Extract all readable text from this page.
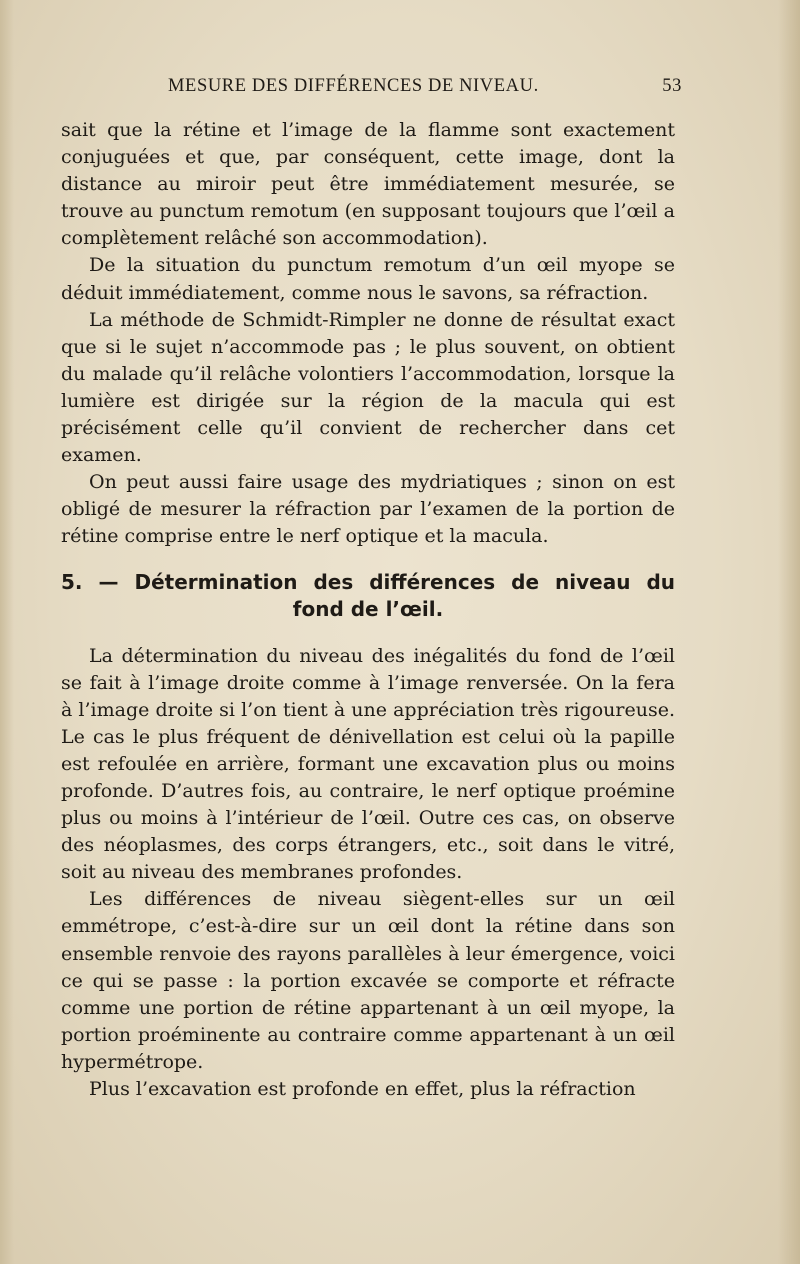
MESURE DES DIFFÉRENCES DE NIVEAU.	53

sait que la rétine et l’image de la flamme sont exactement conjuguées et que, par conséquent, cette image, dont la distance au miroir peut être immédiatement mesurée, se trouve au punctum remotum (en supposant toujours que l’œil a complètement relâché son accommodation).

De la situation du punctum remotum d’un œil myope se déduit immédiatement, comme nous le savons, sa réfraction.

La méthode de Schmidt-Rimpler ne donne de résultat exact que si le sujet n’accommode pas ; le plus souvent, on obtient du malade qu’il relâche volontiers l’accommodation, lorsque la lumière est dirigée sur la région de la macula qui est précisément celle qu’il convient de rechercher dans cet examen.

On peut aussi faire usage des mydriatiques ; sinon on est obligé de mesurer la réfraction par l’examen de la portion de rétine comprise entre le nerf optique et la macula.

5. — Détermination des différences de niveau du
fond de l’œil.

La détermination du niveau des inégalités du fond de l’œil se fait à l’image droite comme à l’image renversée. On la fera à l’image droite si l’on tient à une appréciation très rigoureuse. Le cas le plus fréquent de dénivellation est celui où la papille est refoulée en arrière, formant une excavation plus ou moins profonde. D’autres fois, au contraire, le nerf optique proémine plus ou moins à l’intérieur de l’œil. Outre ces cas, on observe des néoplasmes, des corps étrangers, etc., soit dans le vitré, soit au niveau des membranes profondes.

Les différences de niveau siègent-elles sur un œil emmétrope, c’est-à-dire sur un œil dont la rétine dans son ensemble renvoie des rayons parallèles à leur émergence, voici ce qui se passe : la portion excavée se comporte et réfracte comme une portion de rétine appartenant à un œil myope, la portion proéminente au contraire comme appartenant à un œil hypermétrope.

Plus l’excavation est profonde en effet, plus la réfraction
